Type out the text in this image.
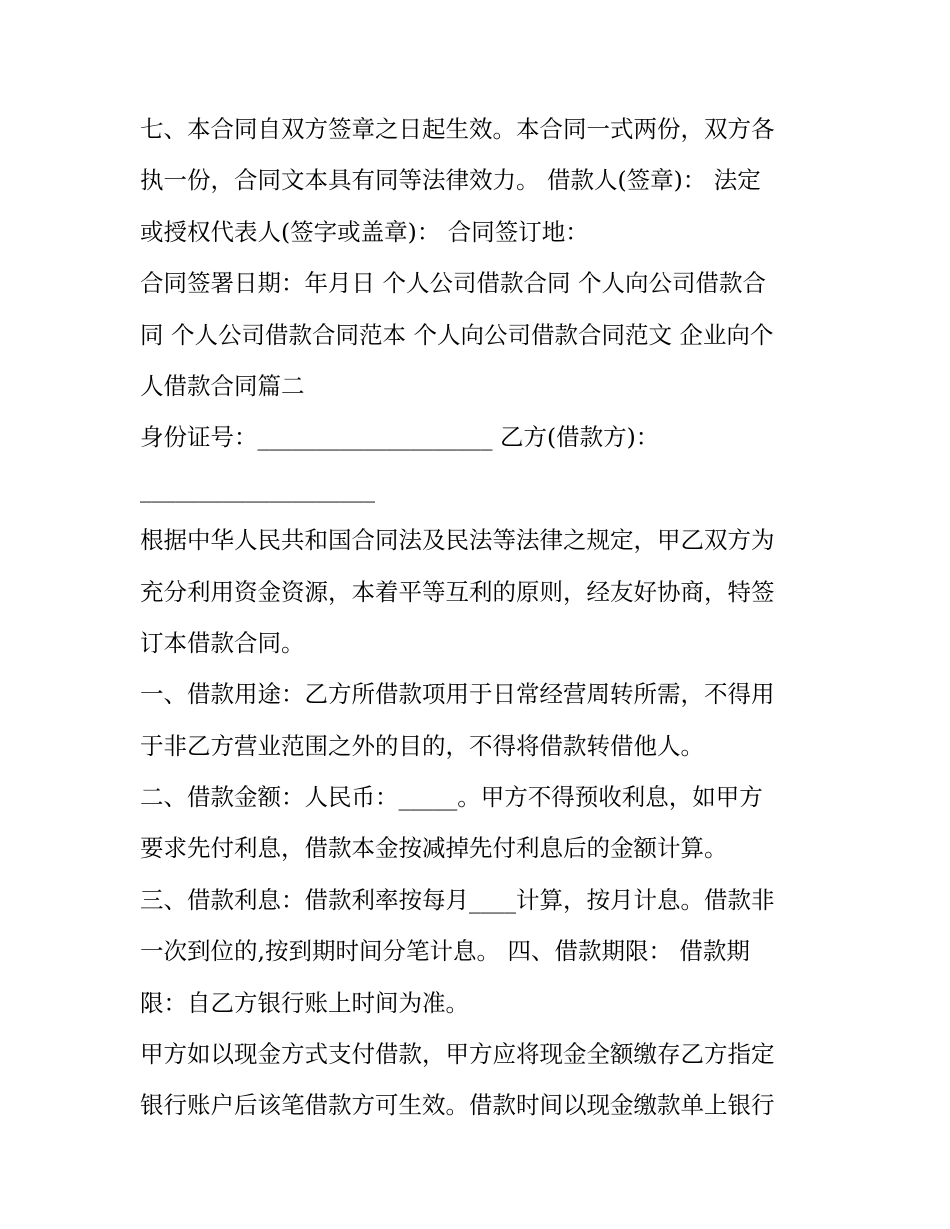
七、本合同自双方签章之日起生效。本合同一式两份，双方各
执一份，合同文本具有同等法律效力。 借款人(签章)： 法定
或授权代表人(签字或盖章)： 合同签订地：
合同签署日期：年月日 个人公司借款合同 个人向公司借款合
同 个人公司借款合同范本 个人向公司借款合同范文 企业向个
人借款合同篇二
身份证号：____________________ 乙方(借款方)：
____________________
根据中华人民共和国合同法及民法等法律之规定，甲乙双方为
充分利用资金资源，本着平等互利的原则，经友好协商，特签
订本借款合同。
一、借款用途：乙方所借款项用于日常经营周转所需，不得用
于非乙方营业范围之外的目的，不得将借款转借他人。
二、借款金额：人民币：_____。甲方不得预收利息，如甲方
要求先付利息，借款本金按减掉先付利息后的金额计算。
三、借款利息：借款利率按每月____计算，按月计息。借款非
一次到位的,按到期时间分笔计息。 四、借款期限： 借款期
限：自乙方银行账上时间为准。
甲方如以现金方式支付借款，甲方应将现金全额缴存乙方指定
银行账户后该笔借款方可生效。借款时间以现金缴款单上银行
